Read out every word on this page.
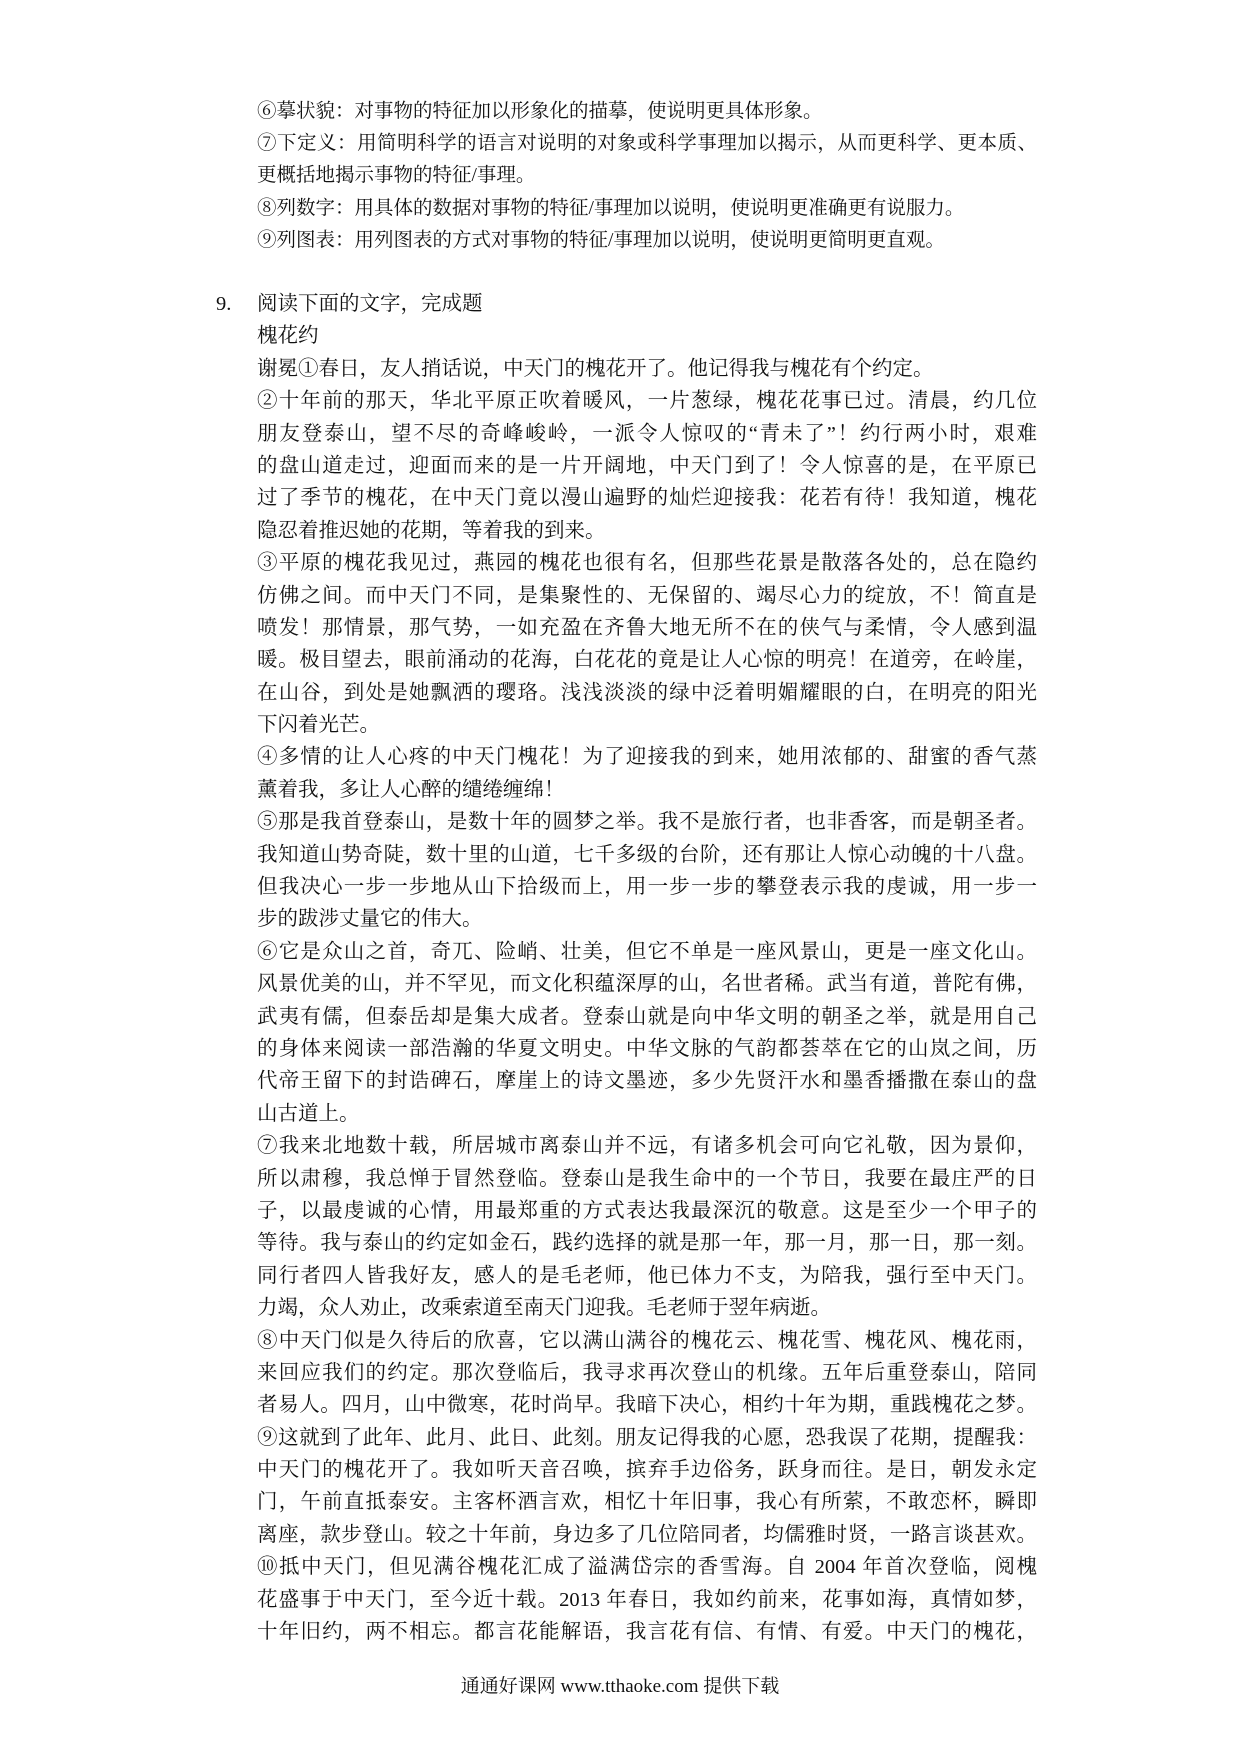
⑥摹状貌：对事物的特征加以形象化的描摹，使说明更具体形象。
⑦下定义：用简明科学的语言对说明的对象或科学事理加以揭示，从而更科学、更本质、
更概括地揭示事物的特征/事理。
⑧列数字：用具体的数据对事物的特征/事理加以说明，使说明更准确更有说服力。
⑨列图表：用列图表的方式对事物的特征/事理加以说明，使说明更简明更直观。
9. 阅读下面的文字，完成题
槐花约
谢冕①春日，友人捎话说，中天门的槐花开了。他记得我与槐花有个约定。
②十年前的那天，华北平原正吹着暖风，一片葱绿，槐花花事已过。清晨，约几位
朋友登泰山，望不尽的奇峰峻岭，一派令人惊叹的“青未了”！约行两小时，艰难
的盘山道走过，迎面而来的是一片开阔地，中天门到了！令人惊喜的是，在平原已
过了季节的槐花，在中天门竟以漫山遍野的灿烂迎接我：花若有待！我知道，槐花
隐忍着推迟她的花期，等着我的到来。
③平原的槐花我见过，燕园的槐花也很有名，但那些花景是散落各处的，总在隐约
仿佛之间。而中天门不同，是集聚性的、无保留的、竭尽心力的绽放，不！简直是
喷发！那情景，那气势，一如充盈在齐鲁大地无所不在的侠气与柔情，令人感到温
暖。极目望去，眼前涌动的花海，白花花的竟是让人心惊的明亮！在道旁，在岭崖，
在山谷，到处是她飘洒的璎珞。浅浅淡淡的绿中泛着明媚耀眼的白，在明亮的阳光
下闪着光芒。
④多情的让人心疼的中天门槐花！为了迎接我的到来，她用浓郁的、甜蜜的香气蒸
薰着我，多让人心醉的缱绻缠绵！
⑤那是我首登泰山，是数十年的圆梦之举。我不是旅行者，也非香客，而是朝圣者。
我知道山势奇陡，数十里的山道，七千多级的台阶，还有那让人惊心动魄的十八盘。
但我决心一步一步地从山下拾级而上，用一步一步的攀登表示我的虔诚，用一步一
步的跋涉丈量它的伟大。
⑥它是众山之首，奇兀、险峭、壮美，但它不单是一座风景山，更是一座文化山。
风景优美的山，并不罕见，而文化积蕴深厚的山，名世者稀。武当有道，普陀有佛，
武夷有儒，但泰岳却是集大成者。登泰山就是向中华文明的朝圣之举，就是用自己
的身体来阅读一部浩瀚的华夏文明史。中华文脉的气韵都荟萃在它的山岚之间，历
代帝王留下的封诰碑石，摩崖上的诗文墨迹，多少先贤汗水和墨香播撒在泰山的盘
山古道上。
⑦我来北地数十载，所居城市离泰山并不远，有诸多机会可向它礼敬，因为景仰，
所以肃穆，我总惮于冒然登临。登泰山是我生命中的一个节日，我要在最庄严的日
子，以最虔诚的心情，用最郑重的方式表达我最深沉的敬意。这是至少一个甲子的
等待。我与泰山的约定如金石，践约选择的就是那一年，那一月，那一日，那一刻。
同行者四人皆我好友，感人的是毛老师，他已体力不支，为陪我，强行至中天门。
力竭，众人劝止，改乘索道至南天门迎我。毛老师于翌年病逝。
⑧中天门似是久待后的欣喜，它以满山满谷的槐花云、槐花雪、槐花风、槐花雨，
来回应我们的约定。那次登临后，我寻求再次登山的机缘。五年后重登泰山，陪同
者易人。四月，山中微寒，花时尚早。我暗下决心，相约十年为期，重践槐花之梦。
⑨这就到了此年、此月、此日、此刻。朋友记得我的心愿，恐我误了花期，提醒我：
中天门的槐花开了。我如听天音召唤，摈弃手边俗务，跃身而往。是日，朝发永定
门，午前直抵泰安。主客杯酒言欢，相忆十年旧事，我心有所萦，不敢恋杯，瞬即
离座，款步登山。较之十年前，身边多了几位陪同者，均儒雅时贤，一路言谈甚欢。
⑩抵中天门，但见满谷槐花汇成了溢满岱宗的香雪海。自 2004 年首次登临，阅槐
花盛事于中天门，至今近十载。2013 年春日，我如约前来，花事如海，真情如梦，
十年旧约，两不相忘。都言花能解语，我言花有信、有情、有爱。中天门的槐花，
通通好课网 www.tthaoke.com 提供下载
